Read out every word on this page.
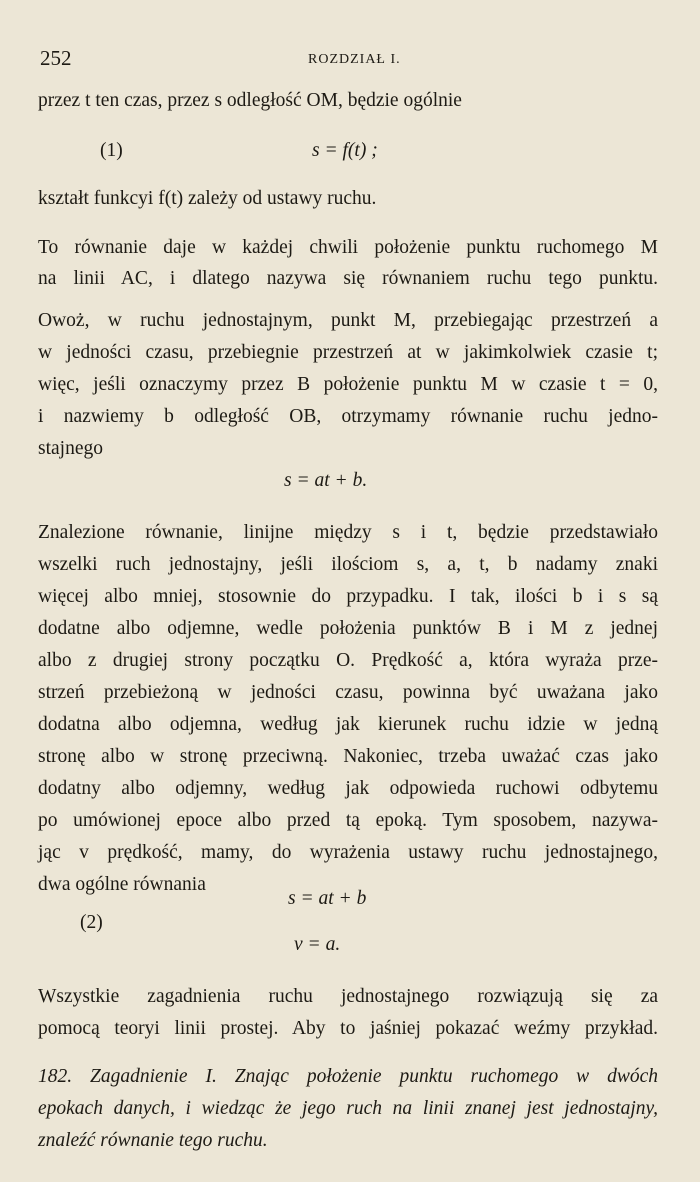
252	ROZDZIAŁ I.
przez t ten czas, przez s odległość OM, będzie ogólnie
(1)	s = f(t) ;
kształt funkcyi f(t) zależy od ustawy ruchu.
To równanie daje w każdej chwili położenie punktu ruchomego M
na linii AC, i dlatego nazywa się równaniem ruchu tego punktu.
Owoż, w ruchu jednostajnym, punkt M, przebiegając przestrzeń a
w jedności czasu, przebiegnie przestrzeń at w jakimkolwiek czasie t;
więc, jeśli oznaczymy przez B położenie punktu M w czasie t = 0,
i nazwiemy b odległość OB, otrzymamy równanie ruchu jedno-
stajnego
s = at + b.
Znalezione równanie, linijne między s i t, będzie przedstawiało
wszelki ruch jednostajny, jeśli ilościom s, a, t, b nadamy znaki
więcej albo mniej, stosownie do przypadku. I tak, ilości b i s są
dodatne albo odjemne, wedle położenia punktów B i M z jednej
albo z drugiej strony początku O. Prędkość a, która wyraża prze-
strzeń przebieżoną w jedności czasu, powinna być uważana jako
dodatna albo odjemna, według jak kierunek ruchu idzie w jedną
stronę albo w stronę przeciwną. Nakoniec, trzeba uważać czas jako
dodatny albo odjemny, według jak odpowieda ruchowi odbytemu
po umówionej epoce albo przed tą epoką. Tym sposobem, nazywa-
jąc v prędkość, mamy, do wyrażenia ustawy ruchu jednostajnego,
dwa ogólne równania
s = at + b
(2)
v = a.
Wszystkie zagadnienia ruchu jednostajnego rozwiązują się za
pomocą teoryi linii prostej. Aby to jaśniej pokazać weźmy przykład.
182. Zagadnienie I. Znając położenie punktu ruchomego w dwóch
epokach danych, i wiedząc że jego ruch na linii znanej jest jednostajny,
znaleźć równanie tego ruchu.
